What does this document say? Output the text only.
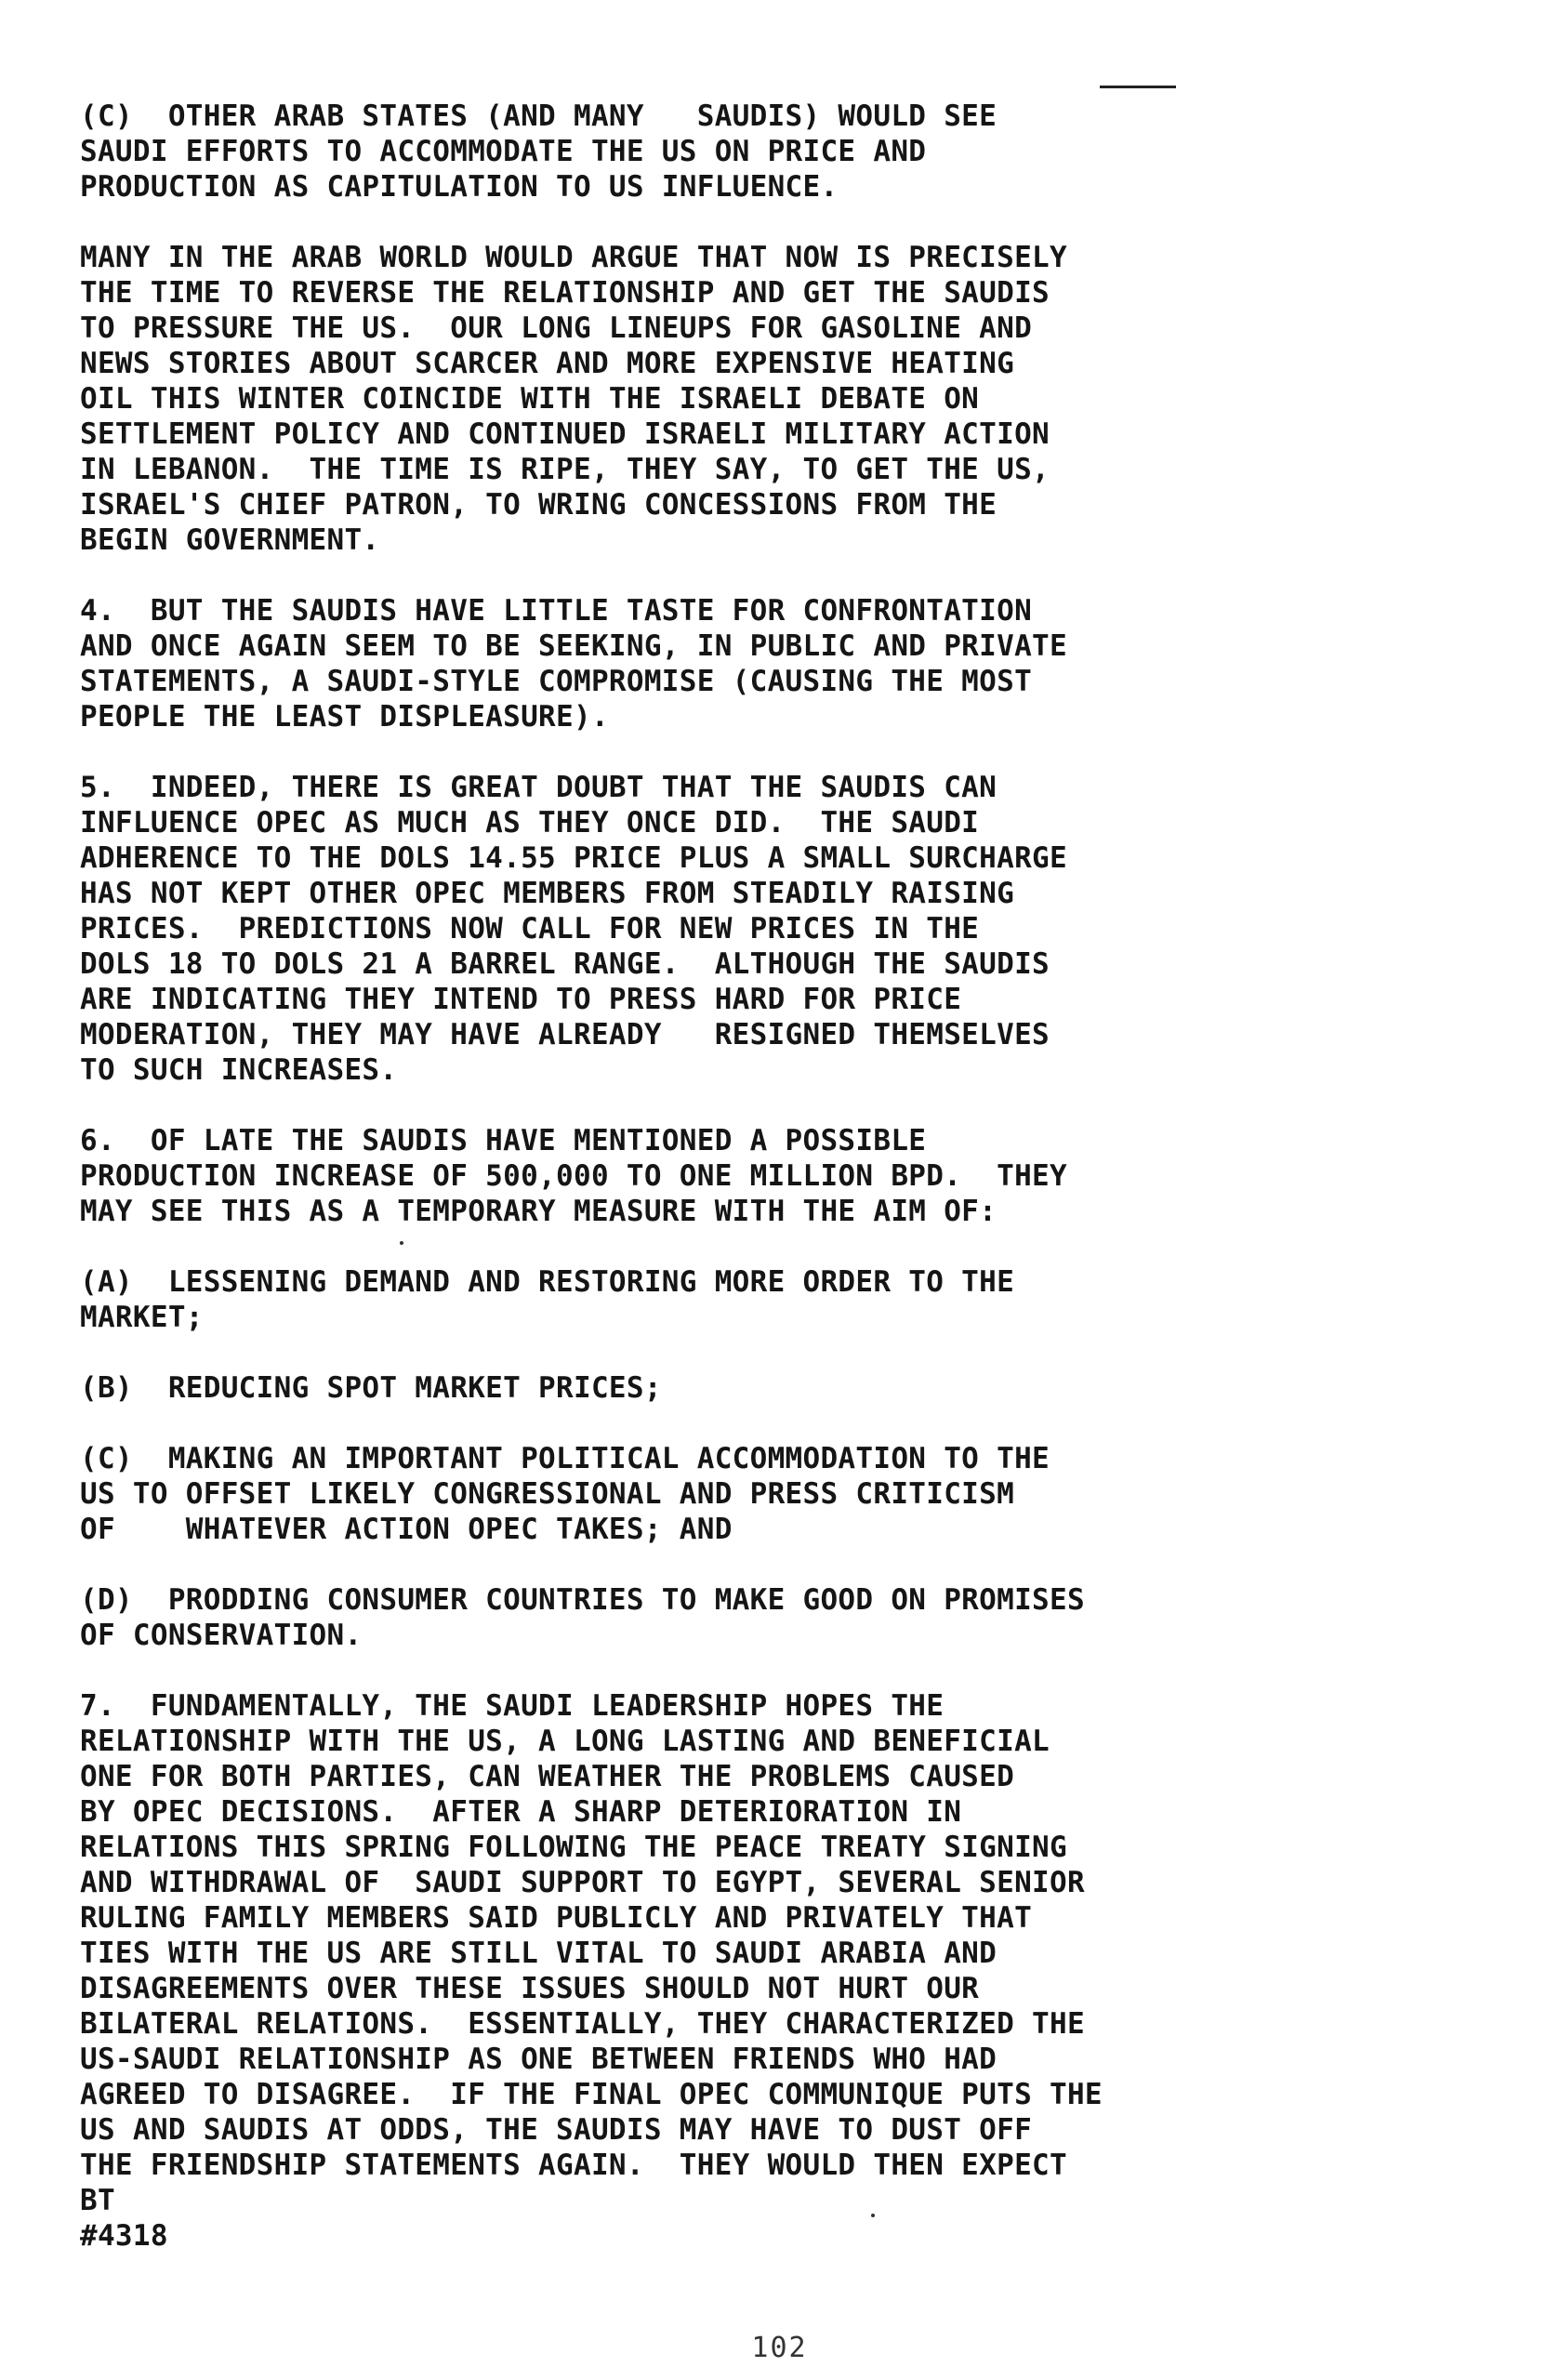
(C)  OTHER ARAB STATES (AND MANY   SAUDIS) WOULD SEE
SAUDI EFFORTS TO ACCOMMODATE THE US ON PRICE AND
PRODUCTION AS CAPITULATION TO US INFLUENCE.
MANY IN THE ARAB WORLD WOULD ARGUE THAT NOW IS PRECISELY
THE TIME TO REVERSE THE RELATIONSHIP AND GET THE SAUDIS
TO PRESSURE THE US.  OUR LONG LINEUPS FOR GASOLINE AND
NEWS STORIES ABOUT SCARCER AND MORE EXPENSIVE HEATING
OIL THIS WINTER COINCIDE WITH THE ISRAELI DEBATE ON
SETTLEMENT POLICY AND CONTINUED ISRAELI MILITARY ACTION
IN LEBANON.  THE TIME IS RIPE, THEY SAY, TO GET THE US,
ISRAEL'S CHIEF PATRON, TO WRING CONCESSIONS FROM THE
BEGIN GOVERNMENT.
4.  BUT THE SAUDIS HAVE LITTLE TASTE FOR CONFRONTATION
AND ONCE AGAIN SEEM TO BE SEEKING, IN PUBLIC AND PRIVATE
STATEMENTS, A SAUDI-STYLE COMPROMISE (CAUSING THE MOST
PEOPLE THE LEAST DISPLEASURE).
5.  INDEED, THERE IS GREAT DOUBT THAT THE SAUDIS CAN
INFLUENCE OPEC AS MUCH AS THEY ONCE DID.  THE SAUDI
ADHERENCE TO THE DOLS 14.55 PRICE PLUS A SMALL SURCHARGE
HAS NOT KEPT OTHER OPEC MEMBERS FROM STEADILY RAISING
PRICES.  PREDICTIONS NOW CALL FOR NEW PRICES IN THE
DOLS 18 TO DOLS 21 A BARREL RANGE.  ALTHOUGH THE SAUDIS
ARE INDICATING THEY INTEND TO PRESS HARD FOR PRICE
MODERATION, THEY MAY HAVE ALREADY   RESIGNED THEMSELVES
TO SUCH INCREASES.
6.  OF LATE THE SAUDIS HAVE MENTIONED A POSSIBLE
PRODUCTION INCREASE OF 500,000 TO ONE MILLION BPD.  THEY
MAY SEE THIS AS A TEMPORARY MEASURE WITH THE AIM OF:
(A)  LESSENING DEMAND AND RESTORING MORE ORDER TO THE
MARKET;
(B)  REDUCING SPOT MARKET PRICES;
(C)  MAKING AN IMPORTANT POLITICAL ACCOMMODATION TO THE
US TO OFFSET LIKELY CONGRESSIONAL AND PRESS CRITICISM
OF    WHATEVER ACTION OPEC TAKES; AND
(D)  PRODDING CONSUMER COUNTRIES TO MAKE GOOD ON PROMISES
OF CONSERVATION.
7.  FUNDAMENTALLY, THE SAUDI LEADERSHIP HOPES THE
RELATIONSHIP WITH THE US, A LONG LASTING AND BENEFICIAL
ONE FOR BOTH PARTIES, CAN WEATHER THE PROBLEMS CAUSED
BY OPEC DECISIONS.  AFTER A SHARP DETERIORATION IN
RELATIONS THIS SPRING FOLLOWING THE PEACE TREATY SIGNING
AND WITHDRAWAL OF  SAUDI SUPPORT TO EGYPT, SEVERAL SENIOR
RULING FAMILY MEMBERS SAID PUBLICLY AND PRIVATELY THAT
TIES WITH THE US ARE STILL VITAL TO SAUDI ARABIA AND
DISAGREEMENTS OVER THESE ISSUES SHOULD NOT HURT OUR
BILATERAL RELATIONS.  ESSENTIALLY, THEY CHARACTERIZED THE
US-SAUDI RELATIONSHIP AS ONE BETWEEN FRIENDS WHO HAD
AGREED TO DISAGREE.  IF THE FINAL OPEC COMMUNIQUE PUTS THE
US AND SAUDIS AT ODDS, THE SAUDIS MAY HAVE TO DUST OFF
THE FRIENDSHIP STATEMENTS AGAIN.  THEY WOULD THEN EXPECT
BT
#4318
102
